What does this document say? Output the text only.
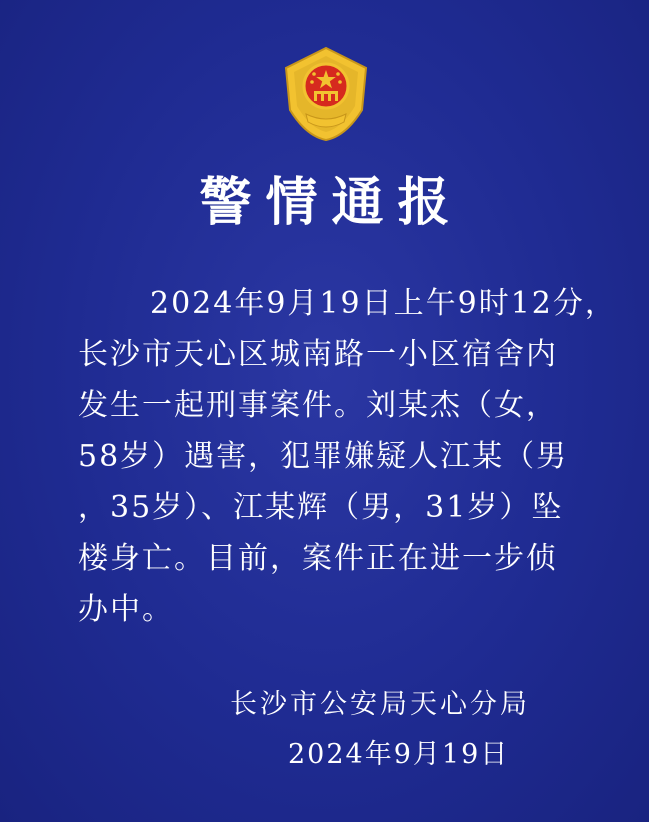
警情通报
2024年9月19日上午9时12分，
长沙市天心区城南路一小区宿舍内
发生一起刑事案件。刘某杰（女，
58岁）遇害，犯罪嫌疑人江某（男
，35岁）、江某辉（男，31岁）坠
楼身亡。目前，案件正在进一步侦
办中。
长沙市公安局天心分局
2024年9月19日
